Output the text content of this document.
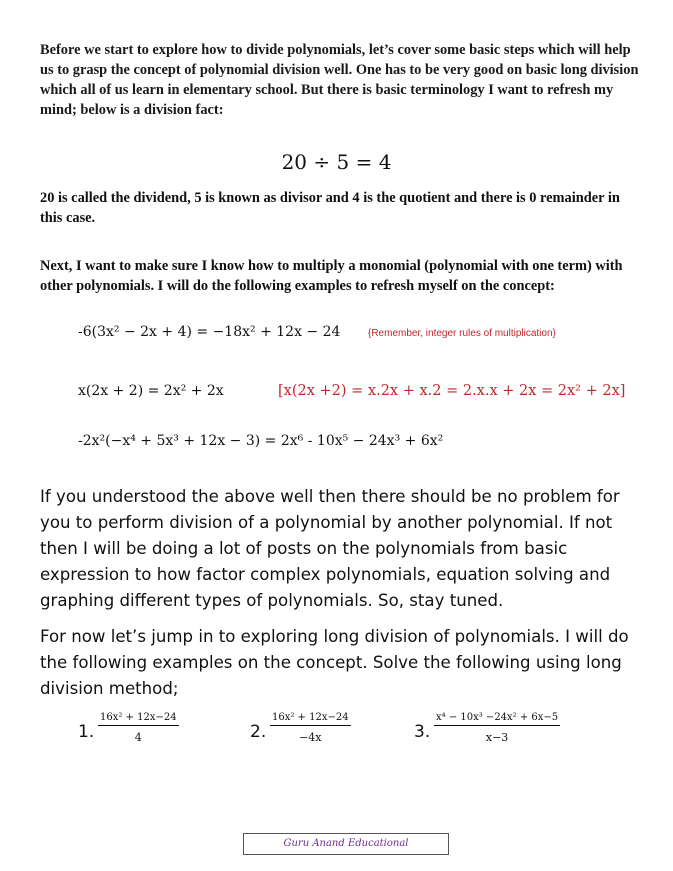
Before we start to explore how to divide polynomials, let’s cover some basic steps which will help us to grasp the concept of polynomial division well. One has to be very good on basic long division which all of us learn in elementary school. But there is basic terminology I want to refresh my mind; below is a division fact:
20 ÷ 5 = 4
20 is called the dividend, 5 is known as divisor and 4 is the quotient and there is 0 remainder in this case.
Next, I want to make sure I know how to multiply a monomial (polynomial with one term) with other polynomials. I will do the following examples to refresh myself on the concept:
-6(3x² − 2x + 4) = −18x² + 12x − 24	{Remember, integer rules of multiplication}
x(2x + 2) = 2x² + 2x	[x(2x +2) = x.2x + x.2 = 2.x.x + 2x = 2x² + 2x]
-2x²(−x⁴ + 5x³ + 12x − 3) = 2x⁶ - 10x⁵ − 24x³ + 6x²
If you understood the above well then there should be no problem for you to perform division of a polynomial by another polynomial. If not then I will be doing a lot of posts on the polynomials from basic expression to how factor complex polynomials, equation solving and graphing different types of polynomials. So, stay tuned.
For now let’s jump in to exploring long division of polynomials. I will do the following examples on the concept. Solve the following using long division method;
1. $\frac{\text{16x² + 12x−24}}{4}$	2. $\frac{\text{16x² + 12x−24}}{-4x}$	3. $\frac{\text{x⁴ − 10x³ −24x² + 6x−5}}{x-3}$
Guru Anand Educational
